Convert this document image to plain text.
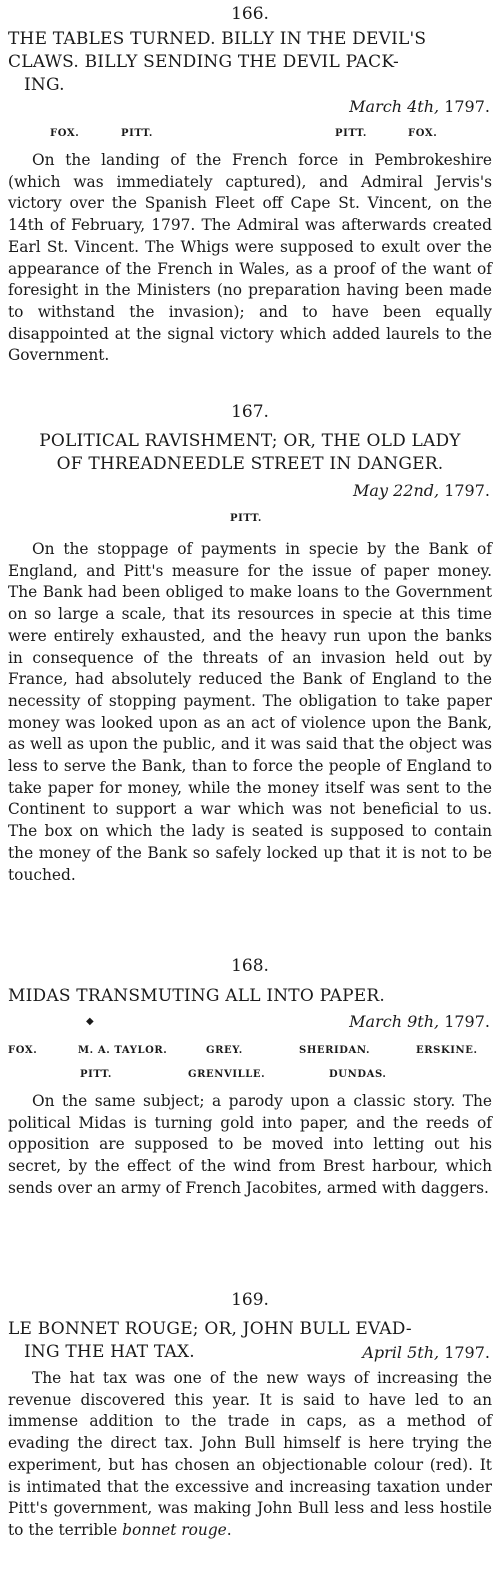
166.
THE TABLES TURNED. BILLY IN THE DEVIL'S
CLAWS. BILLY SENDING THE DEVIL PACK-
ING.
March 4th, 1797.
FOX.	PITT.	PITT.	FOX.

On the landing of the French force in Pembrokeshire (which was immediately captured), and Admiral Jervis's victory over the Spanish Fleet off Cape St. Vincent, on the 14th of February, 1797. The Admiral was afterwards created Earl St. Vincent. The Whigs were supposed to exult over the appearance of the French in Wales, as a proof of the want of foresight in the Ministers (no preparation having been made to withstand the invasion); and to have been equally disappointed at the signal victory which added laurels to the Government.

167.
POLITICAL RAVISHMENT; OR, THE OLD LADY
OF THREADNEEDLE STREET IN DANGER.
May 22nd, 1797.
PITT.

On the stoppage of payments in specie by the Bank of England, and Pitt's measure for the issue of paper money. The Bank had been obliged to make loans to the Government on so large a scale, that its resources in specie at this time were entirely exhausted, and the heavy run upon the banks in consequence of the threats of an invasion held out by France, had absolutely reduced the Bank of England to the necessity of stopping payment. The obligation to take paper money was looked upon as an act of violence upon the Bank, as well as upon the public, and it was said that the object was less to serve the Bank, than to force the people of England to take paper for money, while the money itself was sent to the Continent to support a war which was not beneficial to us. The box on which the lady is seated is supposed to contain the money of the Bank so safely locked up that it is not to be touched.

168.
MIDAS TRANSMUTING ALL INTO PAPER.
◆	March 9th, 1797.
FOX.	M. A. TAYLOR.	GREY.	SHERIDAN.	ERSKINE.
PITT.	GRENVILLE.	DUNDAS.

On the same subject; a parody upon a classic story. The political Midas is turning gold into paper, and the reeds of opposition are supposed to be moved into letting out his secret, by the effect of the wind from Brest harbour, which sends over an army of French Jacobites, armed with daggers.

169.
LE BONNET ROUGE; OR, JOHN BULL EVAD-
ING THE HAT TAX.	April 5th, 1797.

The hat tax was one of the new ways of increasing the revenue discovered this year. It is said to have led to an immense addition to the trade in caps, as a method of evading the direct tax. John Bull himself is here trying the experiment, but has chosen an objectionable colour (red). It is intimated that the excessive and increasing taxation under Pitt's government, was making John Bull less and less hostile to the terrible bonnet rouge.
